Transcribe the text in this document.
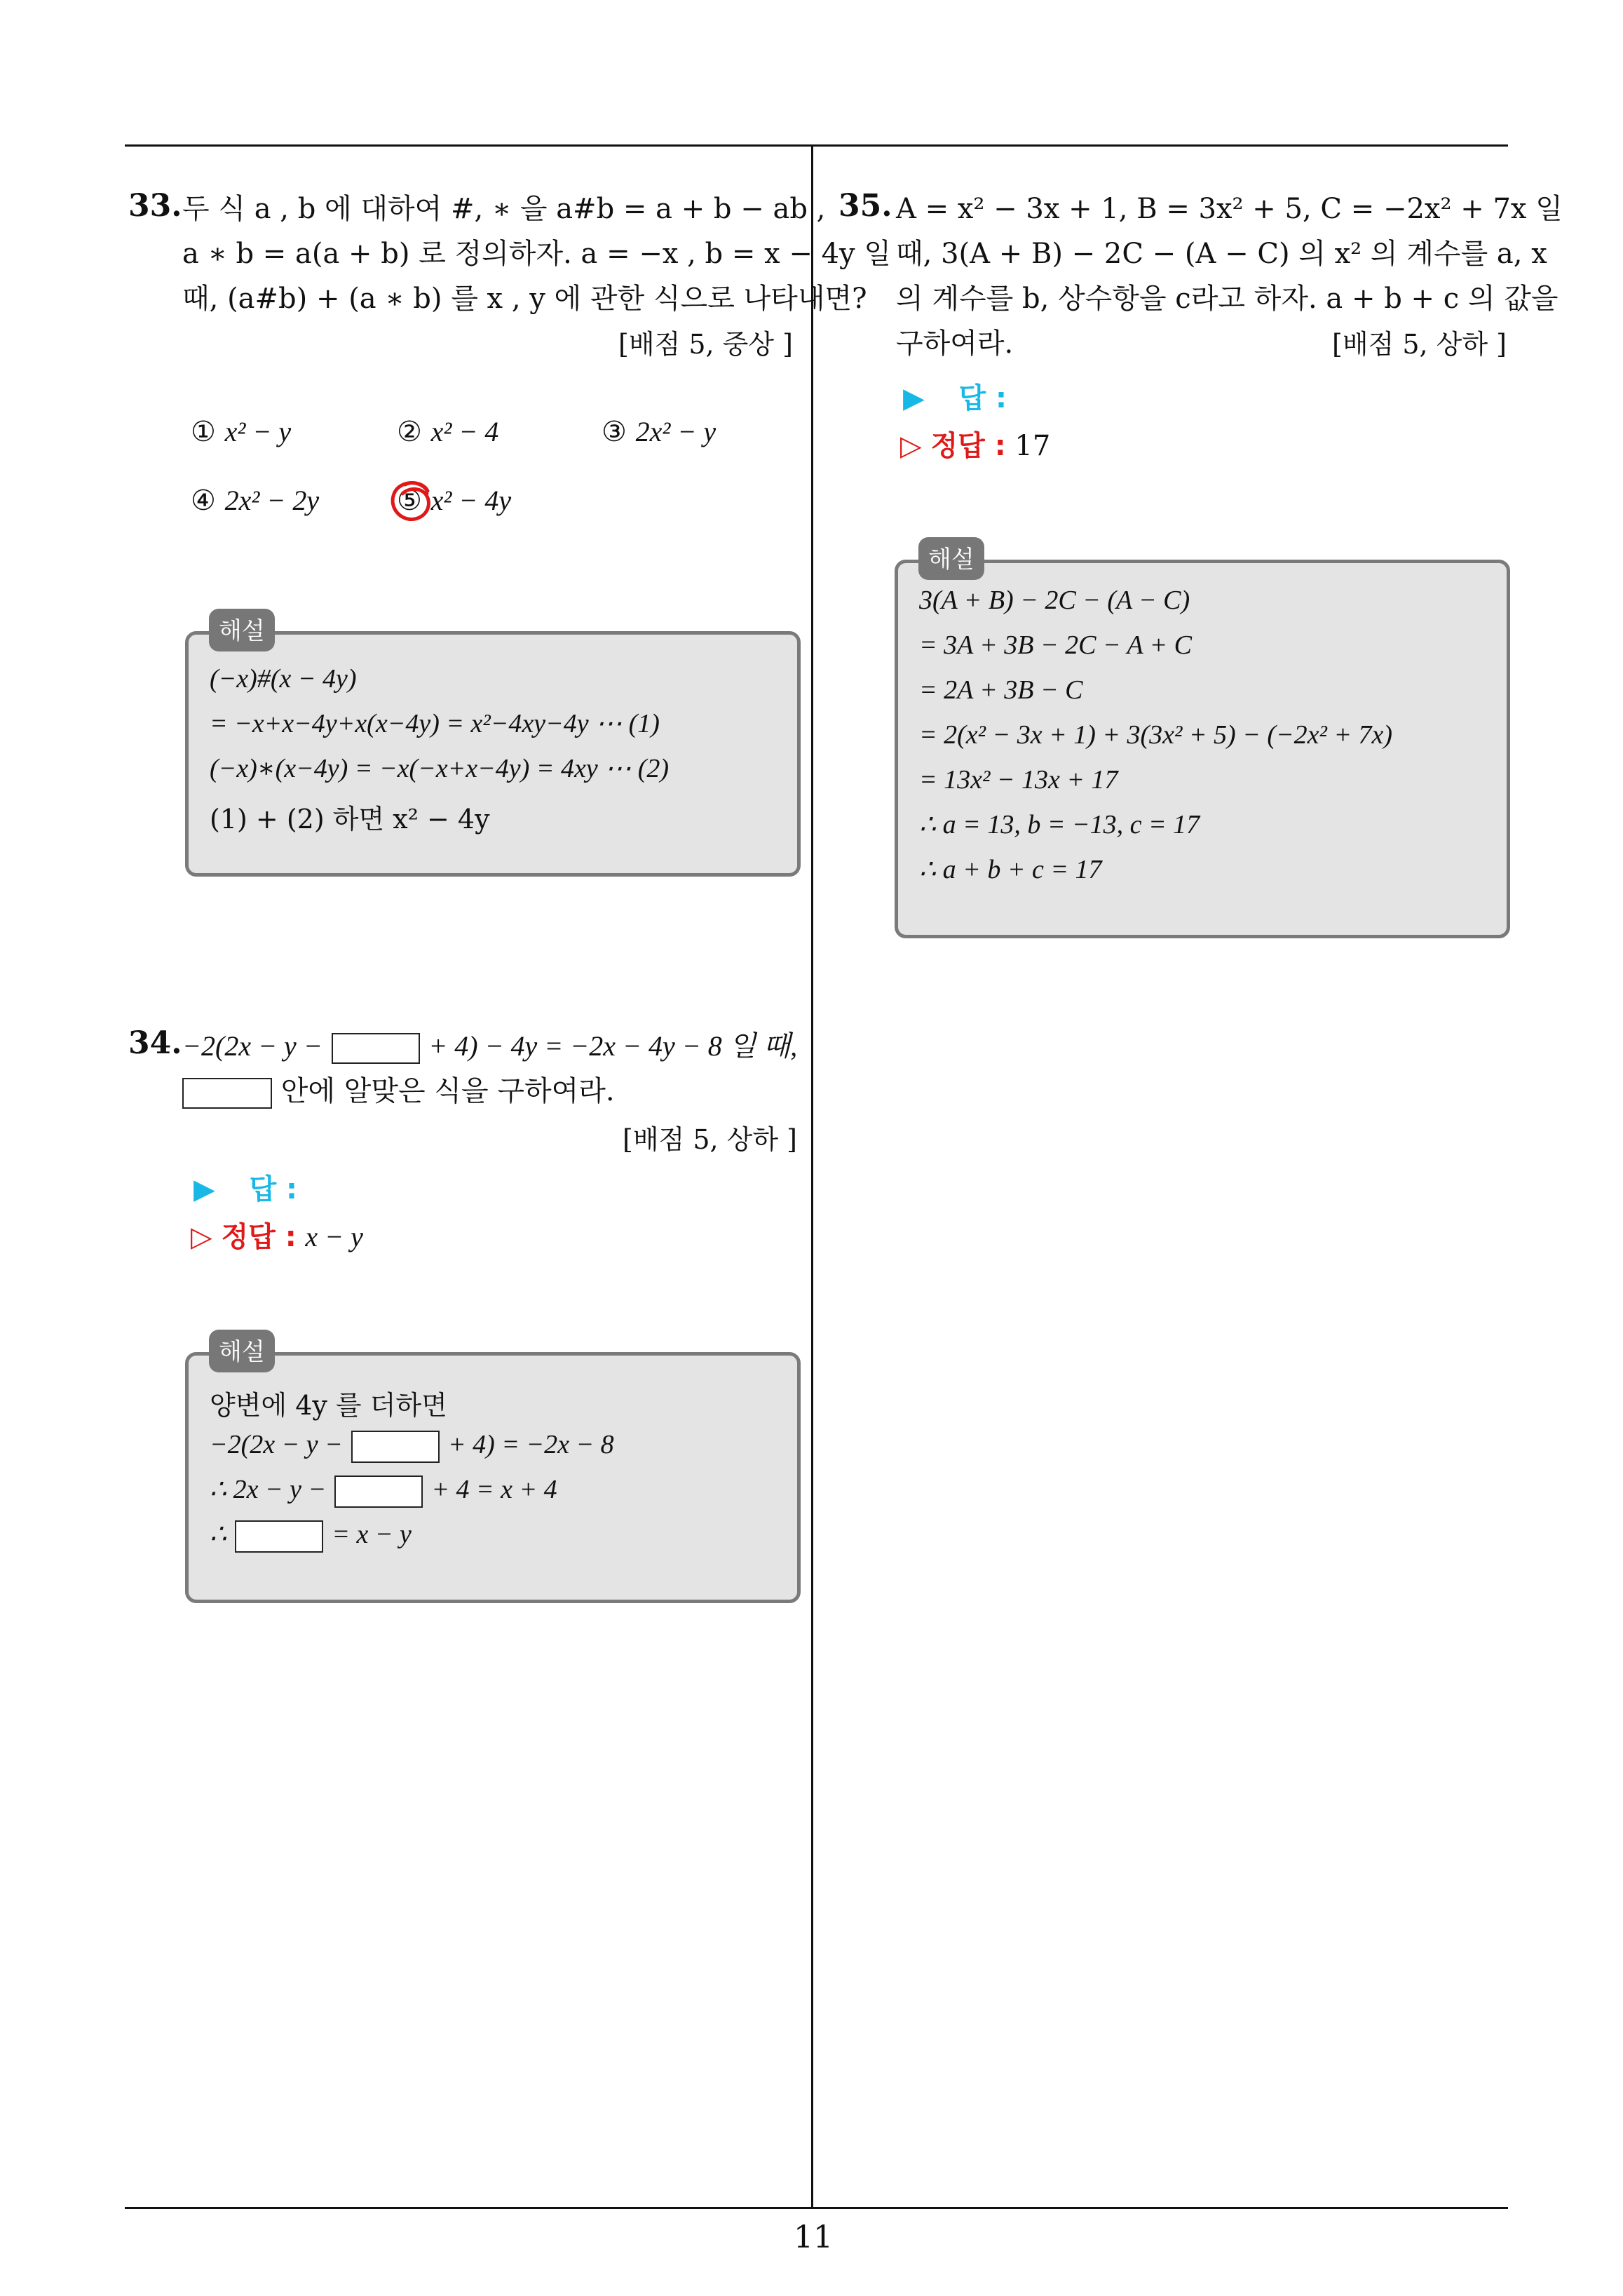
11
33. 두 식 a , b 에 대하여 #, ∗ 을 a#b = a + b − ab ,
a ∗ b = a(a + b) 로 정의하자. a = −x , b = x − 4y 일
때, (a#b) + (a ∗ b) 를 x , y 에 관한 식으로 나타내면?
[배점 5, 중상 ]
① x² − y	② x² − 4	③ 2x² − y
④ 2x² − 2y	⑤ x² − 4y
(−x)#(x − 4y)
= −x+x−4y+x(x−4y) = x²−4xy−4y ⋯ (1)
(−x)∗(x−4y) = −x(−x+x−4y) = 4xy ⋯ (2)
(1) + (2) 하면 x² − 4y
해설
34. −2(2x − y −	+ 4) − 4y = −2x − 4y − 8 일 때,
안에 알맞은 식을 구하여라.
[배점 5, 상하 ]
▶ 답 :
▷ 정답 : x − y
양변에 4y 를 더하면
−2(2x − y −	+ 4) = −2x − 8
∴ 2x − y −	+ 4 = x + 4
∴	= x − y
해설
35. A = x² − 3x + 1, B = 3x² + 5, C = −2x² + 7x 일
때, 3(A + B) − 2C − (A − C) 의 x² 의 계수를 a, x
의 계수를 b, 상수항을 c라고 하자. a + b + c 의 값을
구하여라.	[배점 5, 상하 ]
▶ 답 :
▷ 정답 : 17
3(A + B) − 2C − (A − C)
= 3A + 3B − 2C − A + C
= 2A + 3B − C
= 2(x² − 3x + 1) + 3(3x² + 5) − (−2x² + 7x)
= 13x² − 13x + 17
∴ a = 13, b = −13, c = 17
∴ a + b + c = 17
해설
